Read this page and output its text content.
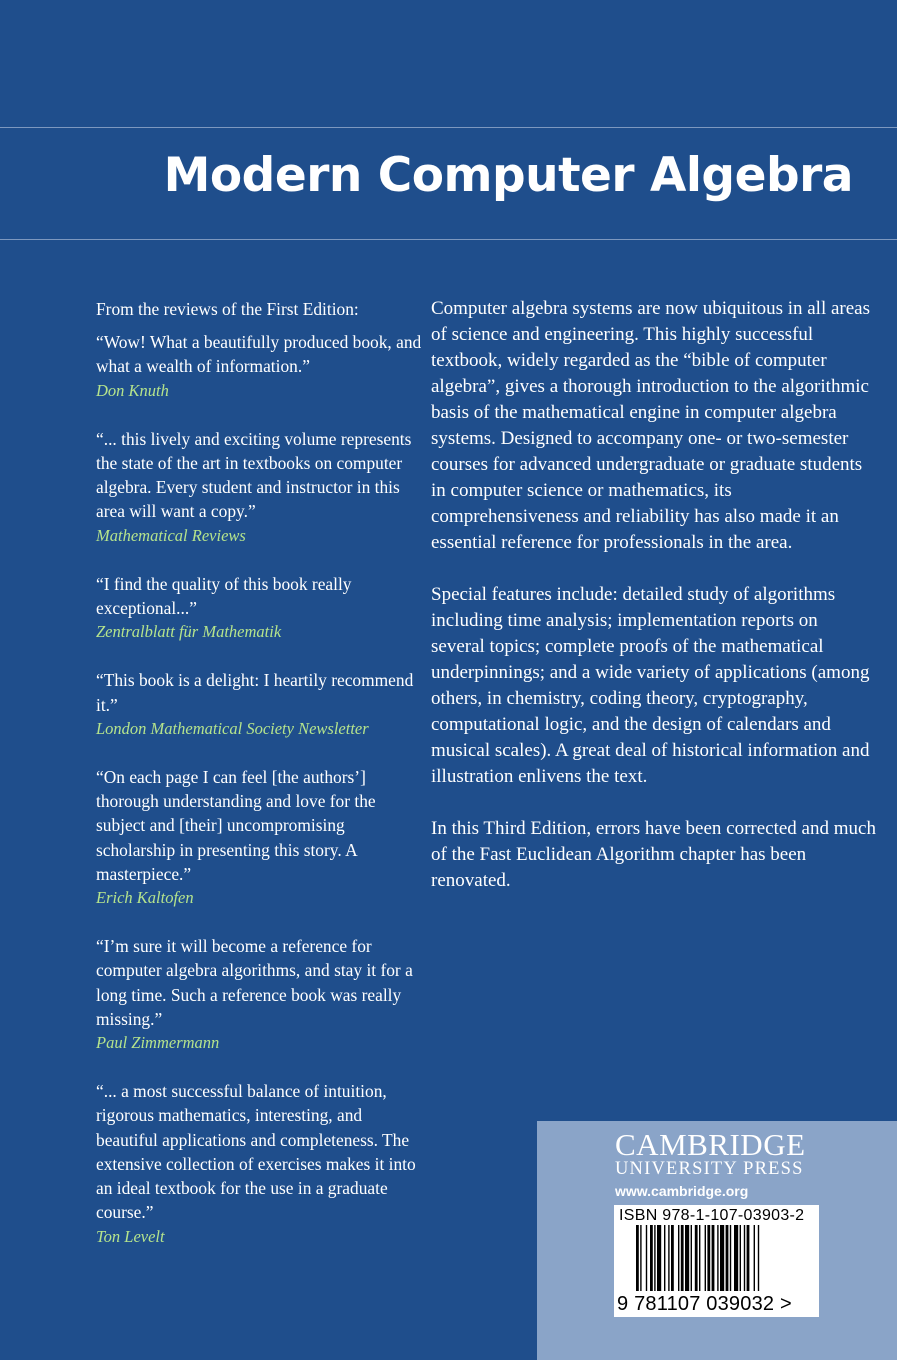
Modern Computer Algebra
From the reviews of the First Edition:

“Wow! What a beautifully produced book, and what a wealth of information.”

Don Knuth

“... this lively and exciting volume represents the state of the art in textbooks on computer algebra. Every student and instructor in this area will want a copy.”

Mathematical Reviews

“I find the quality of this book really exceptional...”

Zentralblatt für Mathematik

“This book is a delight: I heartily recommend it.”

London Mathematical Society Newsletter

“On each page I can feel [the authors’] thorough understanding and love for the subject and [their] uncompromising scholarship in presenting this story. A masterpiece.”

Erich Kaltofen

“I’m sure it will become a reference for computer algebra algorithms, and stay it for a long time. Such a reference book was really missing.”

Paul Zimmermann

“... a most successful balance of intuition, rigorous mathematics, interesting, and beautiful applications and completeness. The extensive collection of exercises makes it into an ideal textbook for the use in a graduate course.”

Ton Levelt

Computer algebra systems are now ubiquitous in all areas of science and engineering. This highly successful textbook, widely regarded as the “bible of computer algebra”, gives a thorough introduction to the algorithmic basis of the mathematical engine in computer algebra systems. Designed to accompany one- or two-semester courses for advanced undergraduate or graduate students in computer science or mathematics, its comprehensiveness and reliability has also made it an essential reference for professionals in the area.

Special features include: detailed study of algorithms including time analysis; implementation reports on several topics; complete proofs of the mathematical underpinnings; and a wide variety of applications (among others, in chemistry, coding theory, cryptography, computational logic, and the design of calendars and musical scales). A great deal of historical information and illustration enlivens the text.

In this Third Edition, errors have been corrected and much of the Fast Euclidean Algorithm chapter has been renovated.

CAMBRIDGE
UNIVERSITY PRESS
www.cambridge.org
ISBN 978-1-107-03903-2
9 781107 039032 >
